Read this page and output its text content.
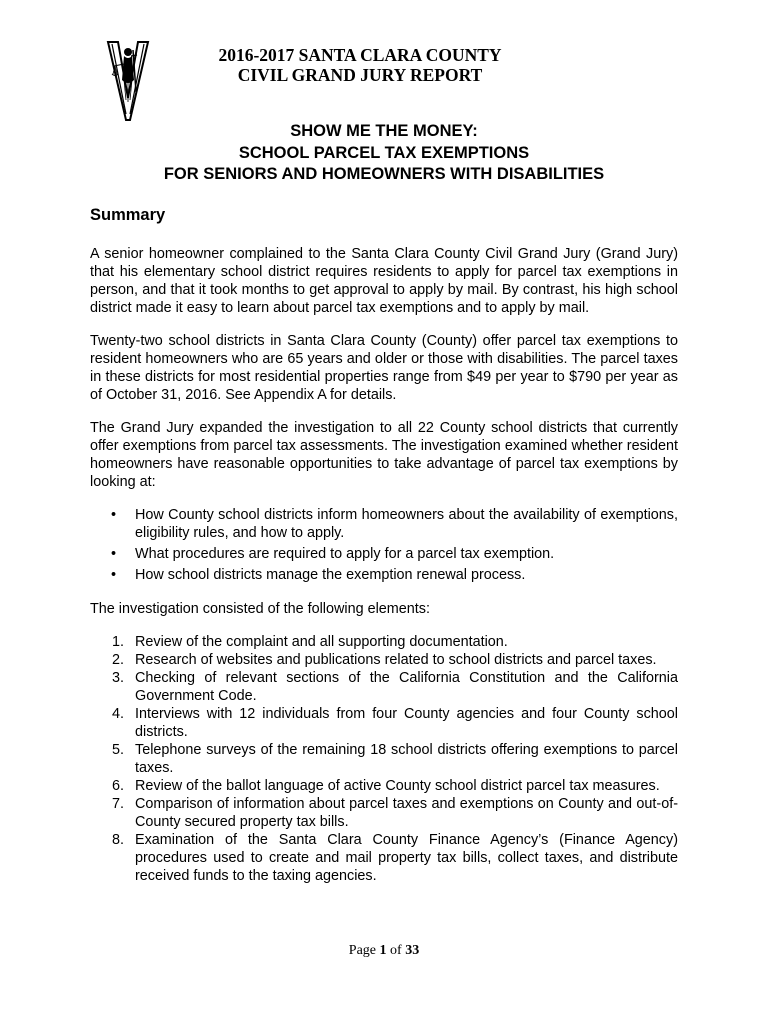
2016-2017 SANTA CLARA COUNTY
CIVIL GRAND JURY REPORT
SHOW ME THE MONEY:
SCHOOL PARCEL TAX EXEMPTIONS
FOR SENIORS AND HOMEOWNERS WITH DISABILITIES
Summary

A senior homeowner complained to the Santa Clara County Civil Grand Jury (Grand Jury) that his elementary school district requires residents to apply for parcel tax exemptions in person, and that it took months to get approval to apply by mail. By contrast, his high school district made it easy to learn about parcel tax exemptions and to apply by mail.

Twenty-two school districts in Santa Clara County (County) offer parcel tax exemptions to resident homeowners who are 65 years and older or those with disabilities. The parcel taxes in these districts for most residential properties range from $49 per year to $790 per year as of October 31, 2016. See Appendix A for details.

The Grand Jury expanded the investigation to all 22 County school districts that currently offer exemptions from parcel tax assessments. The investigation examined whether resident homeowners have reasonable opportunities to take advantage of parcel tax exemptions by looking at:

• How County school districts inform homeowners about the availability of exemptions, eligibility rules, and how to apply.
• What procedures are required to apply for a parcel tax exemption.
• How school districts manage the exemption renewal process.

The investigation consisted of the following elements:

1. Review of the complaint and all supporting documentation.
2. Research of websites and publications related to school districts and parcel taxes.
3. Checking of relevant sections of the California Constitution and the California Government Code.
4. Interviews with 12 individuals from four County agencies and four County school districts.
5. Telephone surveys of the remaining 18 school districts offering exemptions to parcel taxes.
6. Review of the ballot language of active County school district parcel tax measures.
7. Comparison of information about parcel taxes and exemptions on County and out-of-County secured property tax bills.
8. Examination of the Santa Clara County Finance Agency’s (Finance Agency) procedures used to create and mail property tax bills, collect taxes, and distribute received funds to the taxing agencies.
Page 1 of 33
